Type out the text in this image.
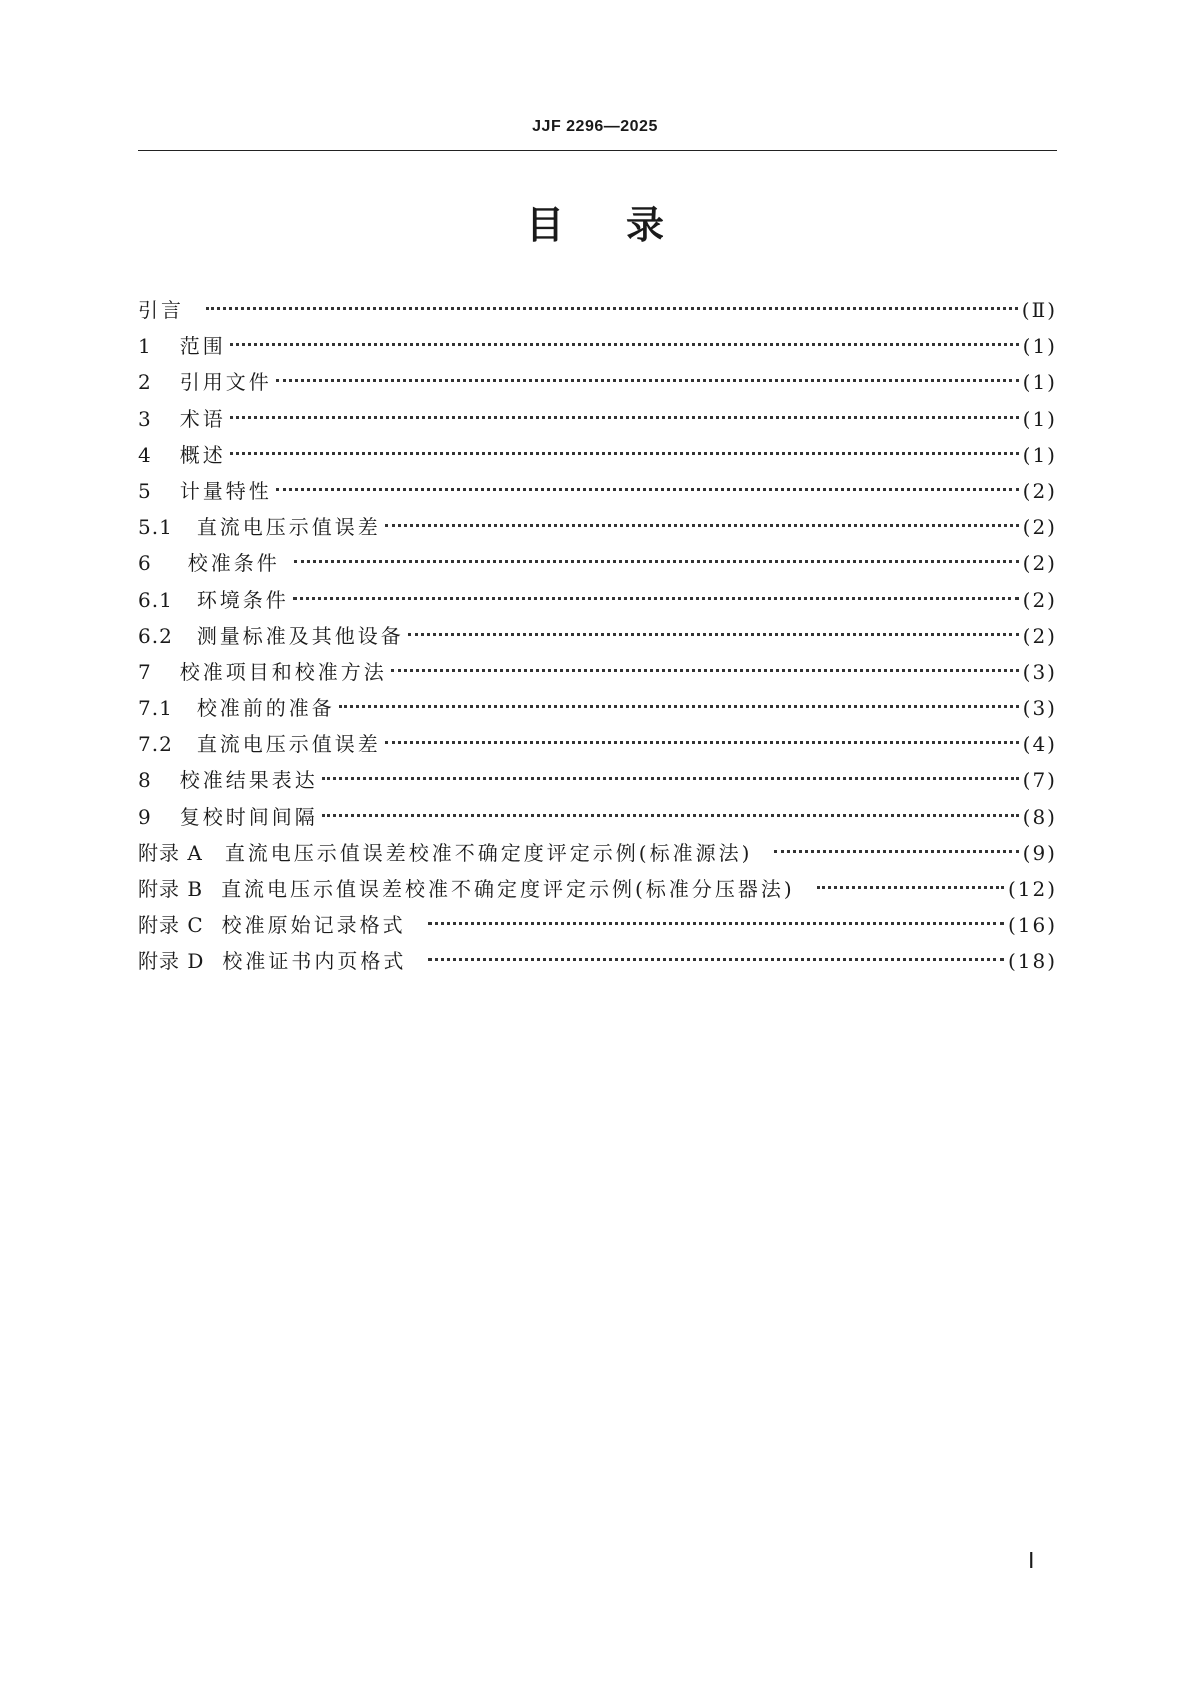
JJF 2296—2025
目 录
引言	(Ⅱ)
1 范围	(1)
2 引用文件	(1)
3 术语	(1)
4 概述	(1)
5 计量特性	(2)
5.1 直流电压示值误差	(2)
6 校准条件	(2)
6.1 环境条件	(2)
6.2 测量标准及其他设备	(2)
7 校准项目和校准方法	(3)
7.1 校准前的准备	(3)
7.2 直流电压示值误差	(4)
8 校准结果表达	(7)
9 复校时间间隔	(8)
附录 A 直流电压示值误差校准不确定度评定示例(标准源法)	(9)
附录 B 直流电压示值误差校准不确定度评定示例(标准分压器法)	(12)
附录 C 校准原始记录格式	(16)
附录 D 校准证书内页格式	(18)
Ⅰ
